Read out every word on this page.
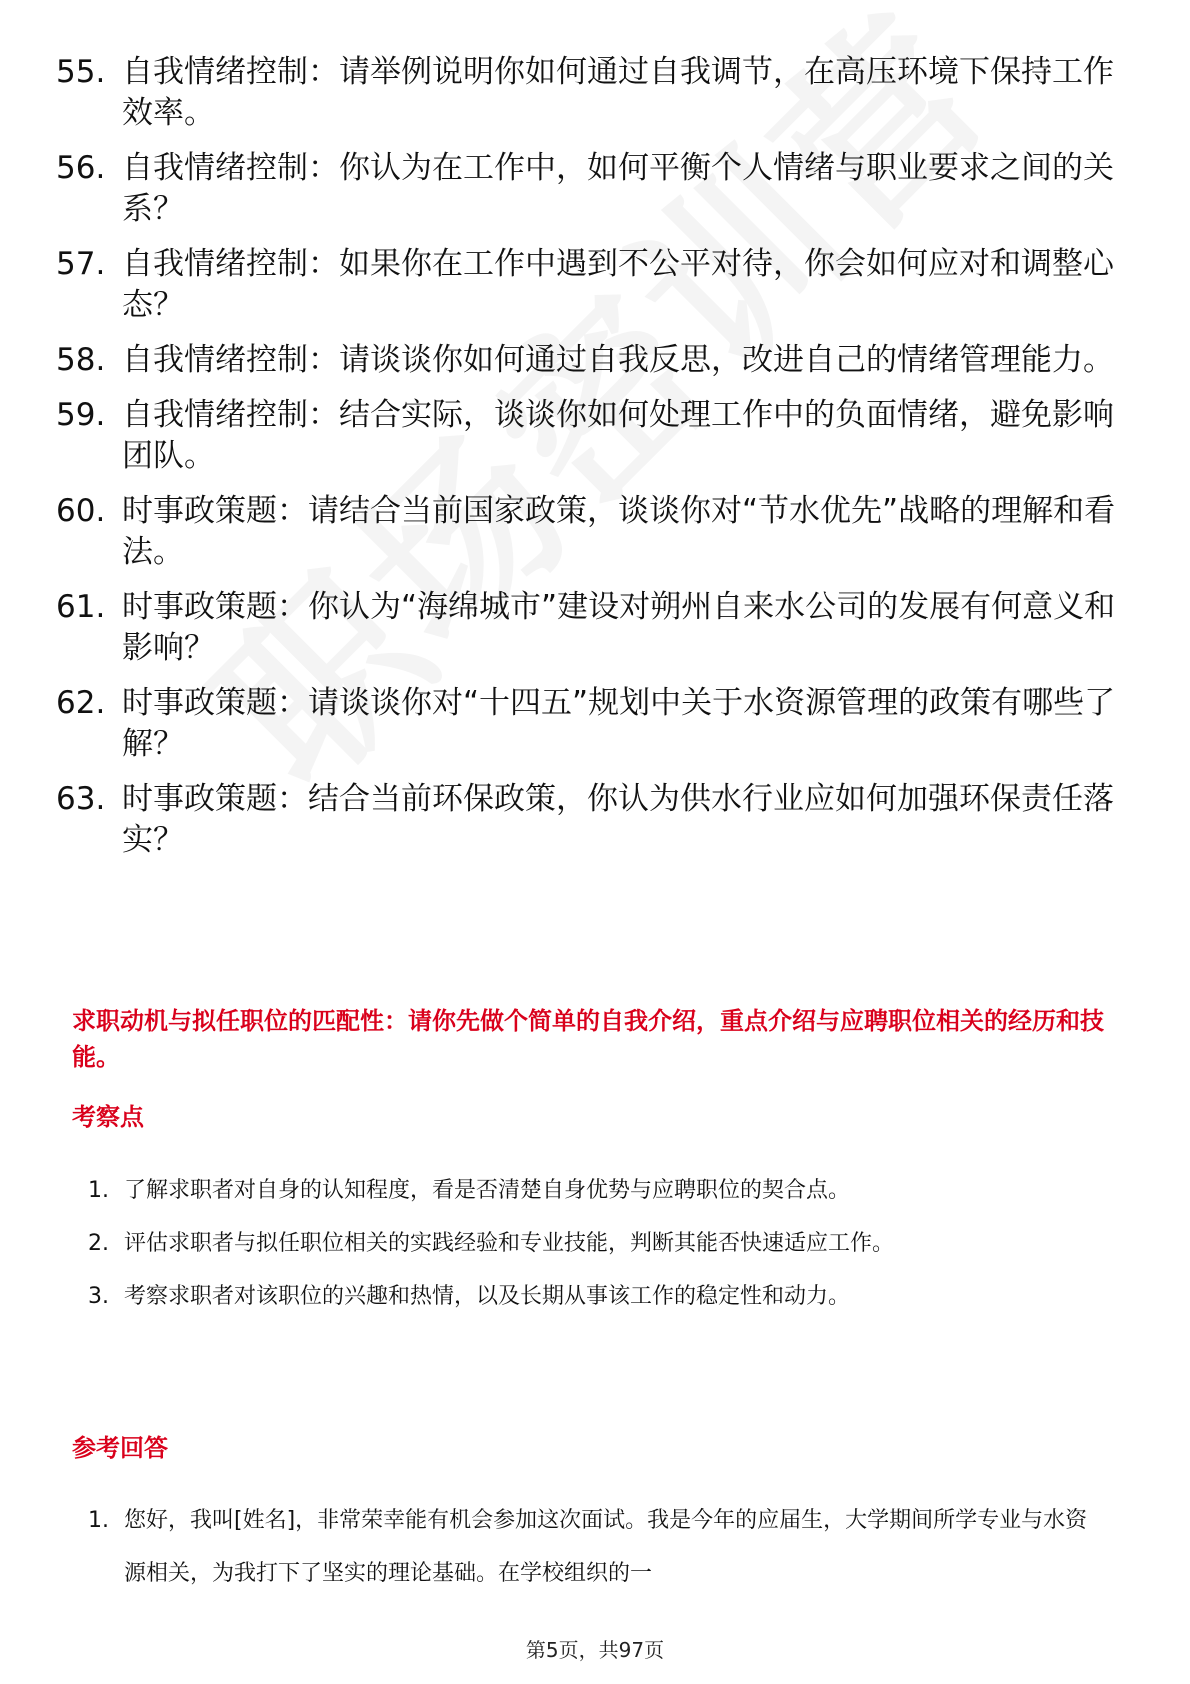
55. 自我情绪控制：请举例说明你如何通过自我调节，在高压环境下保持工作效率。
56. 自我情绪控制：你认为在工作中，如何平衡个人情绪与职业要求之间的关系？
57. 自我情绪控制：如果你在工作中遇到不公平对待，你会如何应对和调整心态？
58. 自我情绪控制：请谈谈你如何通过自我反思，改进自己的情绪管理能力。
59. 自我情绪控制：结合实际，谈谈你如何处理工作中的负面情绪，避免影响团队。
60. 时事政策题：请结合当前国家政策，谈谈你对“节水优先”战略的理解和看法。
61. 时事政策题：你认为“海绵城市”建设对朔州自来水公司的发展有何意义和影响？
62. 时事政策题：请谈谈你对“十四五”规划中关于水资源管理的政策有哪些了解？
63. 时事政策题：结合当前环保政策，你认为供水行业应如何加强环保责任落实？
求职动机与拟任职位的匹配性：请你先做个简单的自我介绍，重点介绍与应聘职位相关的经历和技能。
考察点
1. 了解求职者对自身的认知程度，看是否清楚自身优势与应聘职位的契合点。
2. 评估求职者与拟任职位相关的实践经验和专业技能，判断其能否快速适应工作。
3. 考察求职者对该职位的兴趣和热情，以及长期从事该工作的稳定性和动力。
参考回答
1. 您好，我叫[姓名]，非常荣幸能有机会参加这次面试。我是今年的应届生，大学期间所学专业与水资源相关，为我打下了坚实的理论基础。在学校组织的一
第5页，共97页
